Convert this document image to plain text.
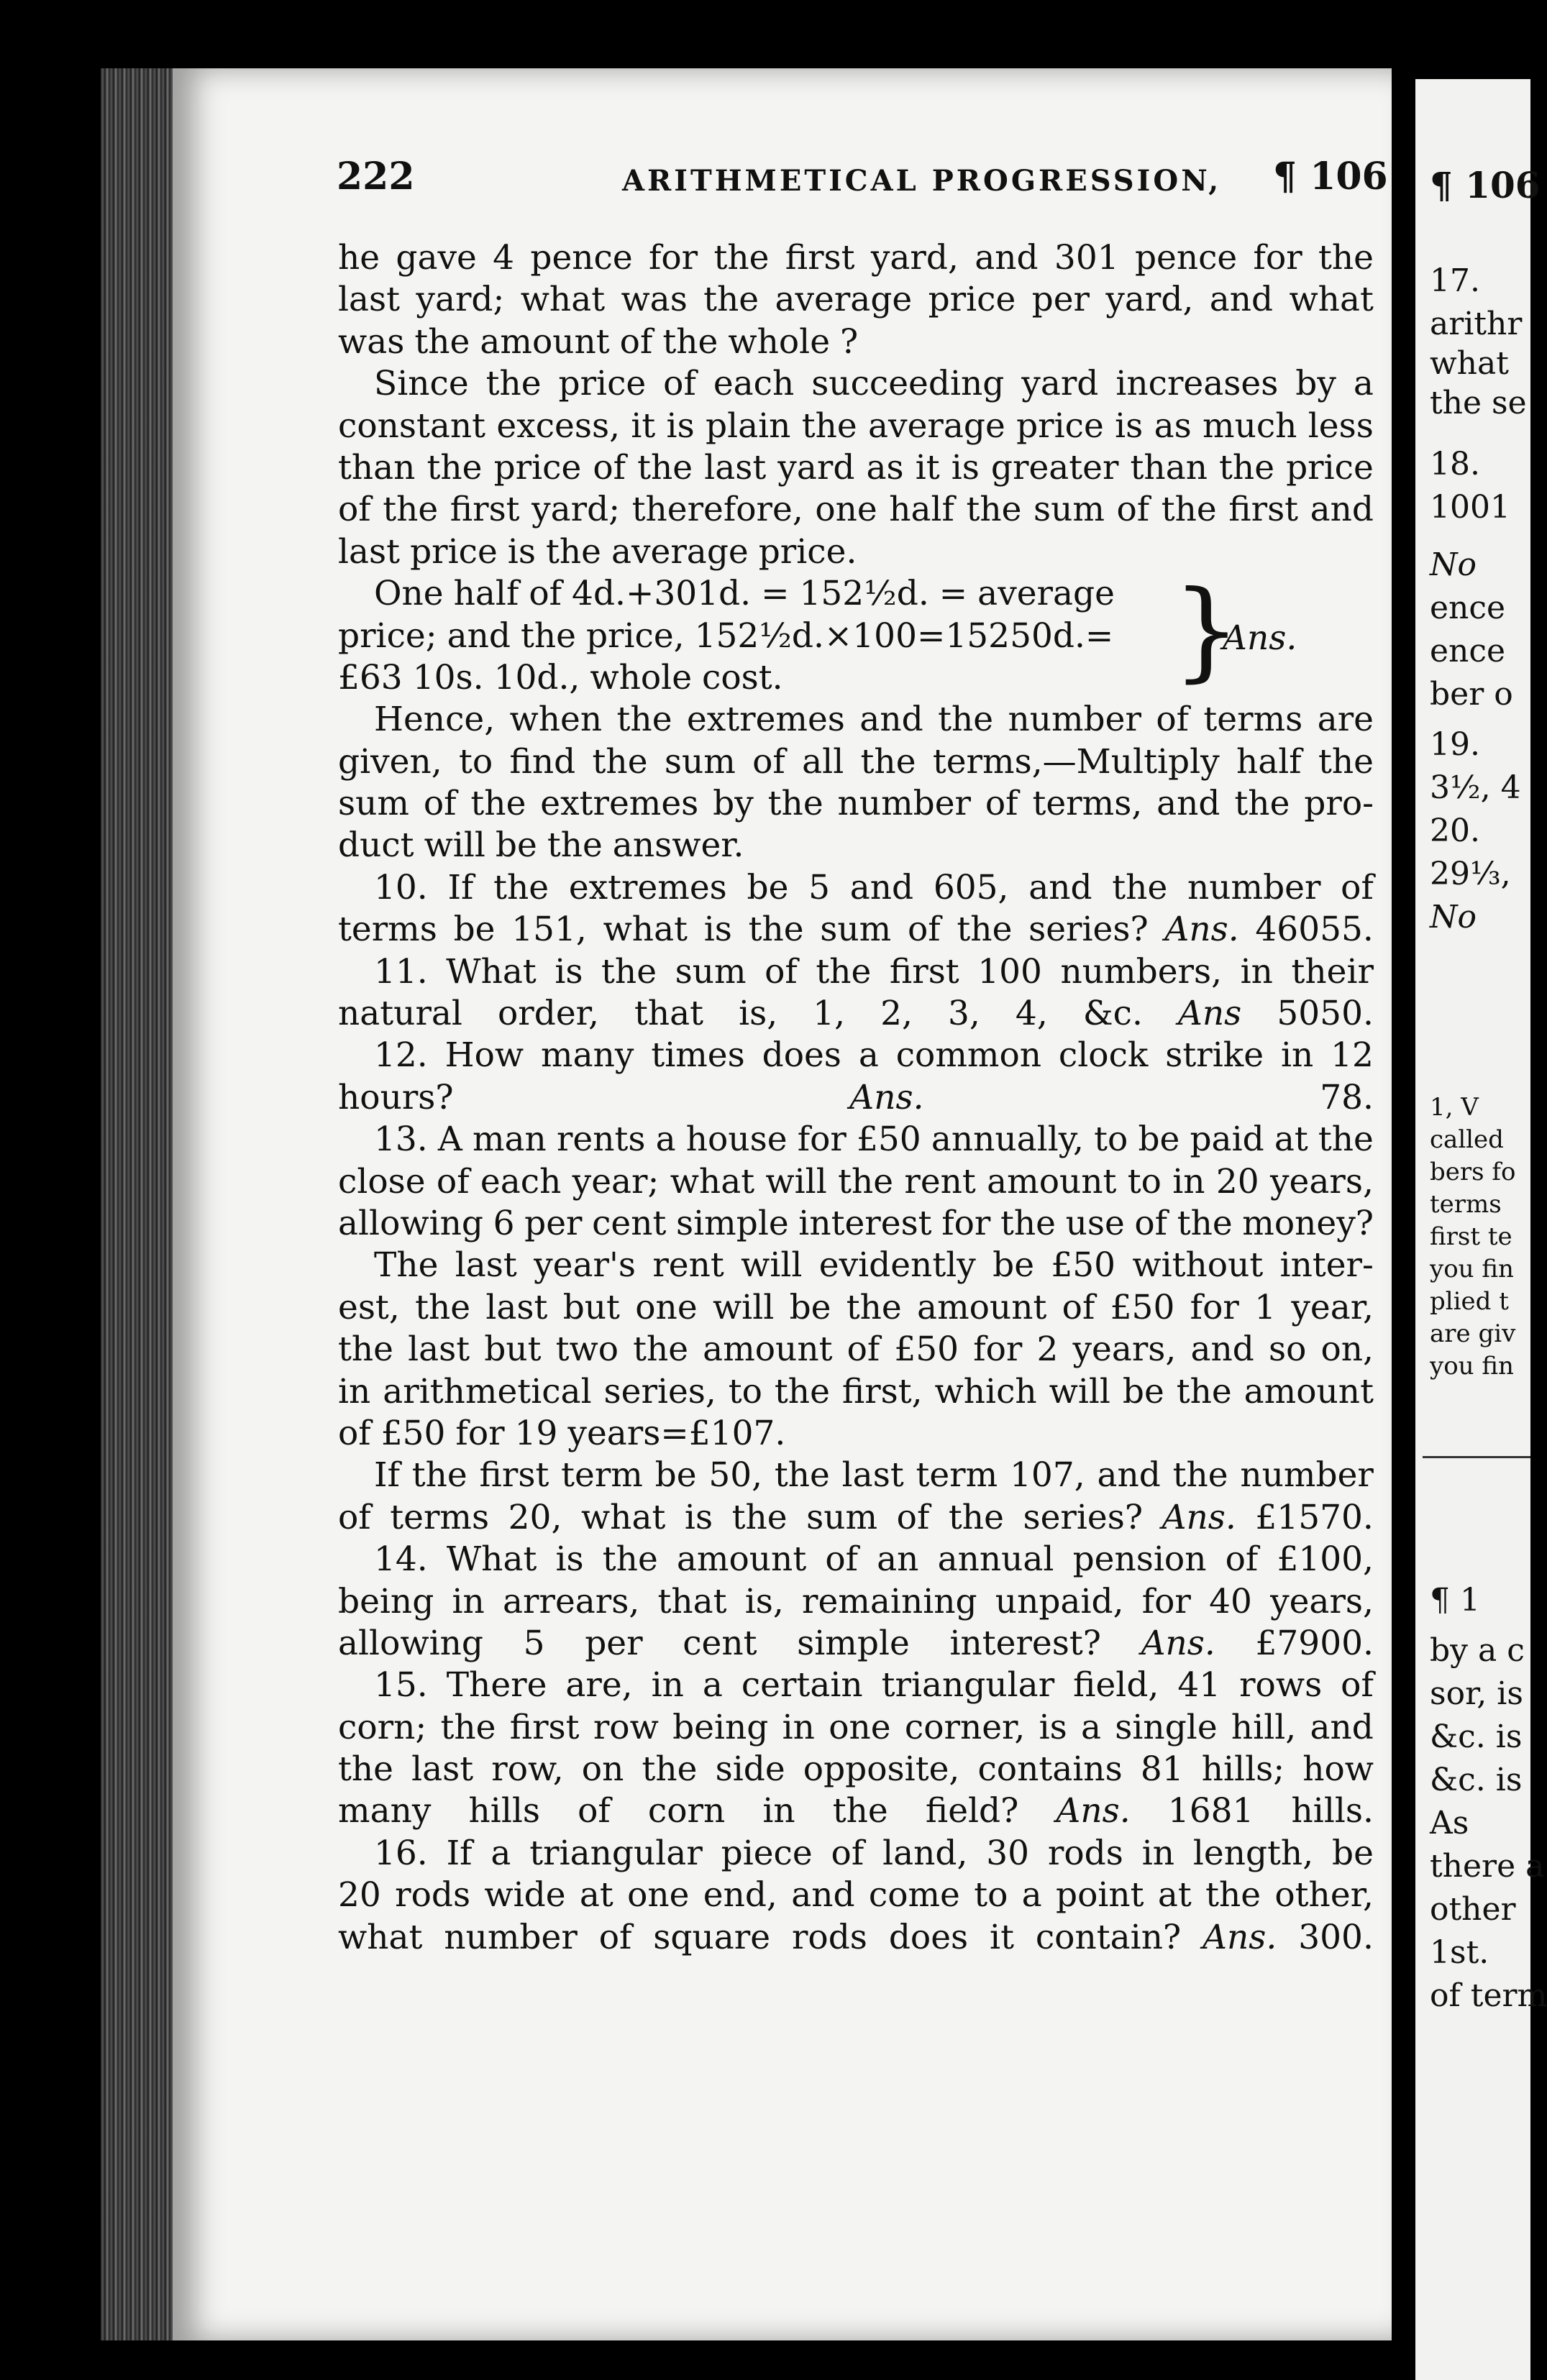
222	ARITHMETICAL PROGRESSION, ¶ 106
he gave 4 pence for the first yard, and 301 pence for the
last yard; what was the average price per yard, and what
was the amount of the whole ?
Since the price of each succeeding yard increases by a
constant excess, it is plain the average price is as much less
than the price of the last yard as it is greater than the price
of the first yard; therefore, one half the sum of the first and
last price is the average price.
One half of 4d.+301d. = 152½d. = average
price; and the price, 152½d.×100=15250d.=
£63 10s. 10d., whole cost.
Hence, when the extremes and the number of terms are
given, to find the sum of all the terms,—Multiply half the
sum of the extremes by the number of terms, and the pro-
duct will be the answer.
10. If the extremes be 5 and 605, and the number of
terms be 151, what is the sum of the series? Ans. 46055.
11. What is the sum of the first 100 numbers, in their
natural order, that is, 1, 2, 3, 4, &c. Ans 5050.
12. How many times does a common clock strike in 12
hours?	Ans.	78.
13. A man rents a house for £50 annually, to be paid at the
close of each year; what will the rent amount to in 20 years,
allowing 6 per cent simple interest for the use of the money?
The last year's rent will evidently be £50 without inter-
est, the last but one will be the amount of £50 for 1 year,
the last but two the amount of £50 for 2 years, and so on,
in arithmetical series, to the first, which will be the amount
of £50 for 19 years=£107.
If the first term be 50, the last term 107, and the number
of terms 20, what is the sum of the series? Ans. £1570.
14. What is the amount of an annual pension of £100,
being in arrears, that is, remaining unpaid, for 40 years,
allowing 5 per cent simple interest? Ans. £7900.
15. There are, in a certain triangular field, 41 rows of
corn; the first row being in one corner, is a single hill, and
the last row, on the side opposite, contains 81 hills; how
many hills of corn in the field? Ans. 1681 hills.
16. If a triangular piece of land, 30 rods in length, be
20 rods wide at one end, and come to a point at the other,
what number of square rods does it contain? Ans. 300.
}
Ans.
¶ 106
17.
arithr
what
the se
18.
1001
No
ence
ence
ber o
19.
3½, 4
20.
29⅓,
No
1, V
called
bers fo
terms
first te
you fin
plied t
are giv
you fin
¶ 1
by a c
sor, is
&c. is
&c. is
As
there a
other
1st.
of term
